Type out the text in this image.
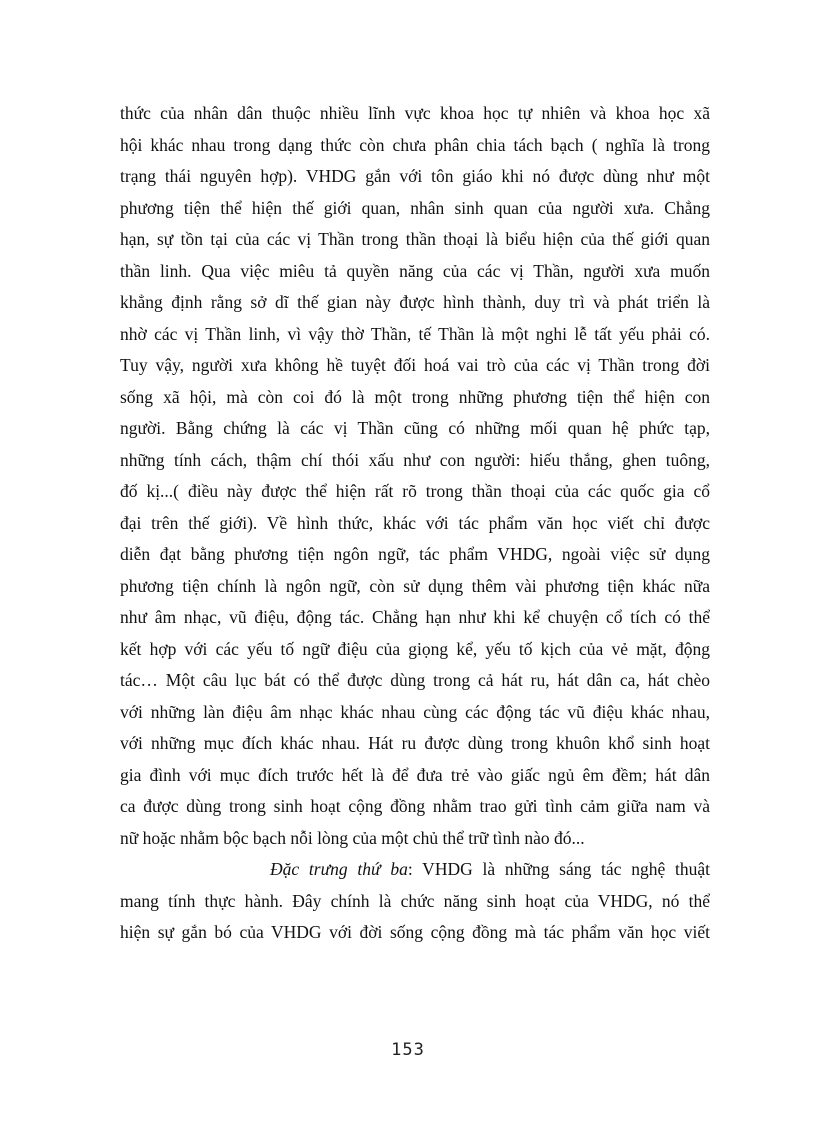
thức của nhân dân thuộc nhiều lĩnh vực khoa học tự nhiên và khoa học xã
hội khác nhau trong dạng thức còn chưa phân chia tách bạch ( nghĩa là trong
trạng thái nguyên hợp). VHDG gắn với tôn giáo khi nó được dùng như một
phương tiện thể hiện thế giới quan, nhân sinh quan của người xưa. Chẳng
hạn, sự tồn tại của các vị Thần trong thần thoại là biểu hiện của thế giới quan
thần linh. Qua việc miêu tả quyền năng của các vị Thần, người xưa muốn
khẳng định rằng sở dĩ thế gian này được hình thành, duy trì và phát triển là
nhờ các vị Thần linh, vì vậy thờ Thần, tế Thần là một nghi lễ tất yếu phải có.
Tuy vậy, người xưa không hề tuyệt đối hoá vai trò của các vị Thần trong đời
sống xã hội, mà còn coi đó là một trong những phương tiện thể hiện con
người. Bằng chứng là các vị Thần cũng có những mối quan hệ phức tạp,
những tính cách, thậm chí thói xấu như con người: hiếu thắng, ghen tuông,
đố kị...( điều này được thể hiện rất rõ trong thần thoại của các quốc gia cổ
đại trên thế giới). Về hình thức, khác với tác phẩm văn học viết chỉ được
diễn đạt bằng phương tiện ngôn ngữ, tác phẩm VHDG, ngoài việc sử dụng
phương tiện chính là ngôn ngữ, còn sử dụng thêm vài phương tiện khác nữa
như âm nhạc, vũ điệu, động tác. Chẳng hạn như khi kể chuyện cổ tích có thể
kết hợp với các yếu tố ngữ điệu của giọng kể, yếu tố kịch của vẻ mặt, động
tác… Một câu lục bát có thể được dùng trong cả hát ru, hát dân ca, hát chèo
với những làn điệu âm nhạc khác nhau cùng các động tác vũ điệu khác nhau,
với những mục đích khác nhau. Hát ru được dùng trong khuôn khổ sinh hoạt
gia đình với mục đích trước hết là để đưa trẻ vào giấc ngủ êm đềm; hát dân
ca được dùng trong sinh hoạt cộng đồng nhằm trao gửi tình cảm giữa nam và
nữ hoặc nhằm bộc bạch nỗi lòng của một chủ thể trữ tình nào đó...
Đặc trưng thứ ba: VHDG là những sáng tác nghệ thuật
mang tính thực hành. Đây chính là chức năng sinh hoạt của VHDG, nó thể
hiện sự gắn bó của VHDG với đời sống cộng đồng mà tác phẩm văn học viết
153
